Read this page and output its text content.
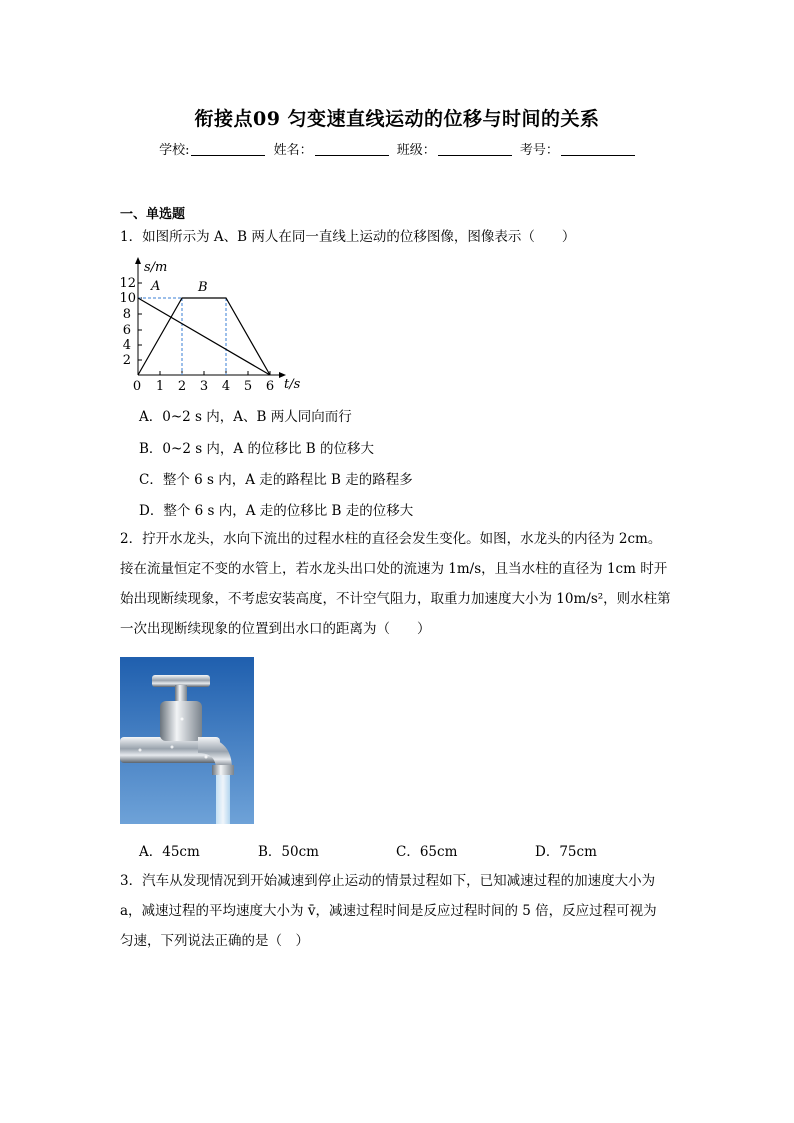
衔接点09 匀变速直线运动的位移与时间的关系
学校:	姓名：	班级：	考号：
一、单选题
1．如图所示为 A、B 两人在同一直线上运动的位移图像，图像表示（　　）
2
4
6
8
10
12
0 1 2 3 4 5 6
s/m
t/s
A	B
A．0~2 s 内，A、B 两人同向而行
B．0~2 s 内，A 的位移比 B 的位移大
C．整个 6 s 内，A 走的路程比 B 走的路程多
D．整个 6 s 内，A 走的位移比 B 走的位移大
2．拧开水龙头，水向下流出的过程水柱的直径会发生变化。如图，水龙头的内径为 2cm。
接在流量恒定不变的水管上，若水龙头出口处的流速为 1m/s，且当水柱的直径为 1cm 时开
始出现断续现象，不考虑安装高度，不计空气阻力，取重力加速度大小为 10m/s²，则水柱第
一次出现断续现象的位置到出水口的距离为（　　）
A．45cm	B．50cm	C．65cm	D．75cm
3．汽车从发现情况到开始减速到停止运动的情景过程如下，已知减速过程的加速度大小为
a，减速过程的平均速度大小为 v̄，减速过程时间是反应过程时间的 5 倍，反应过程可视为
匀速，下列说法正确的是（　）
